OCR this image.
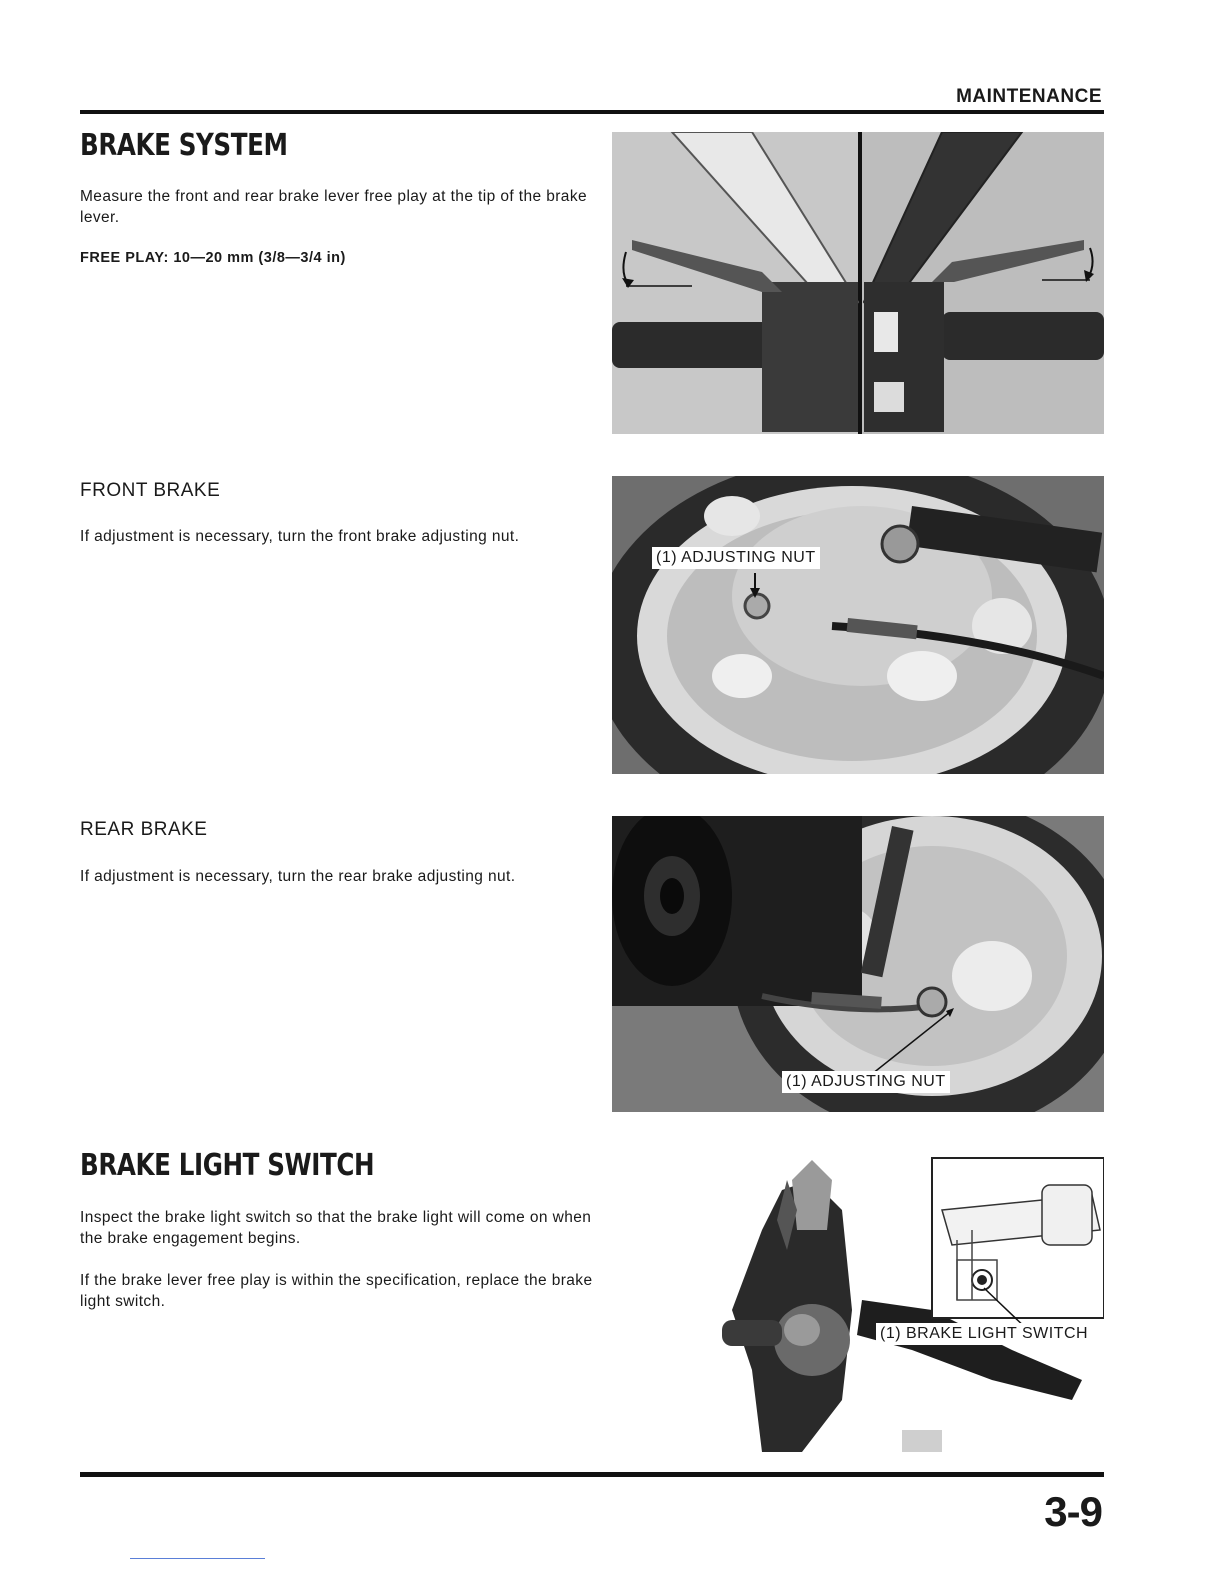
MAINTENANCE
BRAKE SYSTEM
Measure the front and rear brake lever free play at the tip of the brake lever.
FREE PLAY: 10—20 mm (3/8—3/4 in)
FRONT BRAKE
If adjustment is necessary, turn the front brake adjusting nut.
(1) ADJUSTING NUT
REAR BRAKE
If adjustment is necessary, turn the rear brake adjusting nut.
(1) ADJUSTING NUT
BRAKE LIGHT SWITCH
Inspect the brake light switch so that the brake light will come on when the brake engagement begins.
If the brake lever free play is within the specification, replace the brake light switch.
(1) BRAKE LIGHT SWITCH
3-9
